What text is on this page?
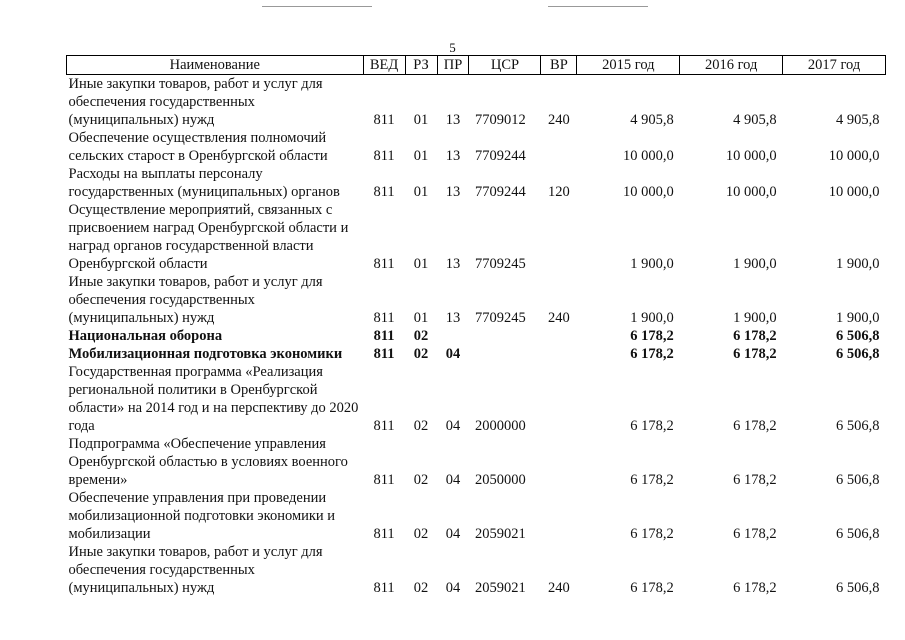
5
Наименование	ВЕД	РЗ	ПР	ЦСР	ВР	2015 год	2016 год	2017 год
Иные закупки товаров, работ и услуг для обеспечения государственных (муниципальных) нужд	811	01	13	7709012	240	4 905,8	4 905,8	4 905,8
Обеспечение осуществления полномочий сельских старост в Оренбургской области	811	01	13	7709244		10 000,0	10 000,0	10 000,0
Расходы на выплаты персоналу государственных (муниципальных) органов	811	01	13	7709244	120	10 000,0	10 000,0	10 000,0
Осуществление мероприятий, связанных с присвоением наград Оренбургской области и наград органов государственной власти Оренбургской области	811	01	13	7709245		1 900,0	1 900,0	1 900,0
Иные закупки товаров, работ и услуг для обеспечения государственных (муниципальных) нужд	811	01	13	7709245	240	1 900,0	1 900,0	1 900,0
Национальная оборона	811	02				6 178,2	6 178,2	6 506,8
Мобилизационная подготовка экономики	811	02	04			6 178,2	6 178,2	6 506,8
Государственная программа «Реализация региональной политики в Оренбургской области» на 2014 год и на перспективу до 2020 года	811	02	04	2000000		6 178,2	6 178,2	6 506,8
Подпрограмма «Обеспечение управления Оренбургской областью в условиях военного времени»	811	02	04	2050000		6 178,2	6 178,2	6 506,8
Обеспечение управления при проведении мобилизационной подготовки экономики и мобилизации	811	02	04	2059021		6 178,2	6 178,2	6 506,8
Иные закупки товаров, работ и услуг для обеспечения государственных (муниципальных) нужд	811	02	04	2059021	240	6 178,2	6 178,2	6 506,8
